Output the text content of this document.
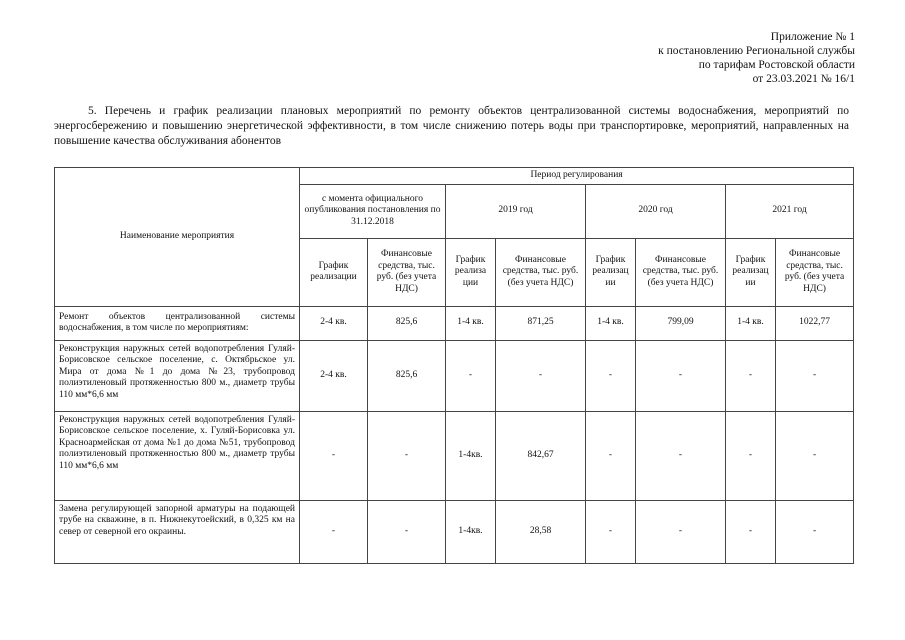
Приложение № 1
к постановлению Региональной службы
по тарифам Ростовской области
от 23.03.2021 № 16/1
5. Перечень и график реализации плановых мероприятий по ремонту объектов централизованной системы водоснабжения, мероприятий по энергосбережению и повышению энергетической эффективности, в том числе снижению потерь воды при транспортировке, мероприятий, направленных на повышение качества обслуживания абонентов
Наименование мероприятия	Период регулирования							
	с момента официального опубликования постановления по 31.12.2018		2019 год		2020 год		2021 год	
	График реализации	Финансовые средства, тыс. руб. (без учета НДС)	График реализа ции	Финансовые средства, тыс. руб. (без учета НДС)	График реализац ии	Финансовые средства, тыс. руб. (без учета НДС)	График реализац ии	Финансовые средства, тыс. руб. (без учета НДС)
Ремонт объектов централизованной системы водоснабжения, в том числе по мероприятиям:	2-4 кв.	825,6	1-4 кв.	871,25	1-4 кв.	799,09	1-4 кв.	1022,77
Реконструкция наружных сетей водопотребления Гуляй-Борисовское сельское поселение, с. Октябрьское ул. Мира от дома №1 до дома №23, трубопровод полиэтиленовый протяженностью 800 м., диаметр трубы 110 мм*6,6 мм	2-4 кв.	825,6	-	-	-	-	-	-
Реконструкция наружных сетей водопотребления Гуляй-Борисовское сельское поселение, х. Гуляй-Борисовка ул. Красноармейская от дома №1 до дома №51, трубопровод полиэтиленовый протяженностью 800 м., диаметр трубы 110 мм*6,6 мм	-	-	1-4кв.	842,67	-	-	-	-
Замена регулирующей запорной арматуры на подающей трубе на скважине, в п. Нижнекутоейский, в 0,325 км на север от северной его окраины.	-	-	1-4кв.	28,58	-	-	-	-
